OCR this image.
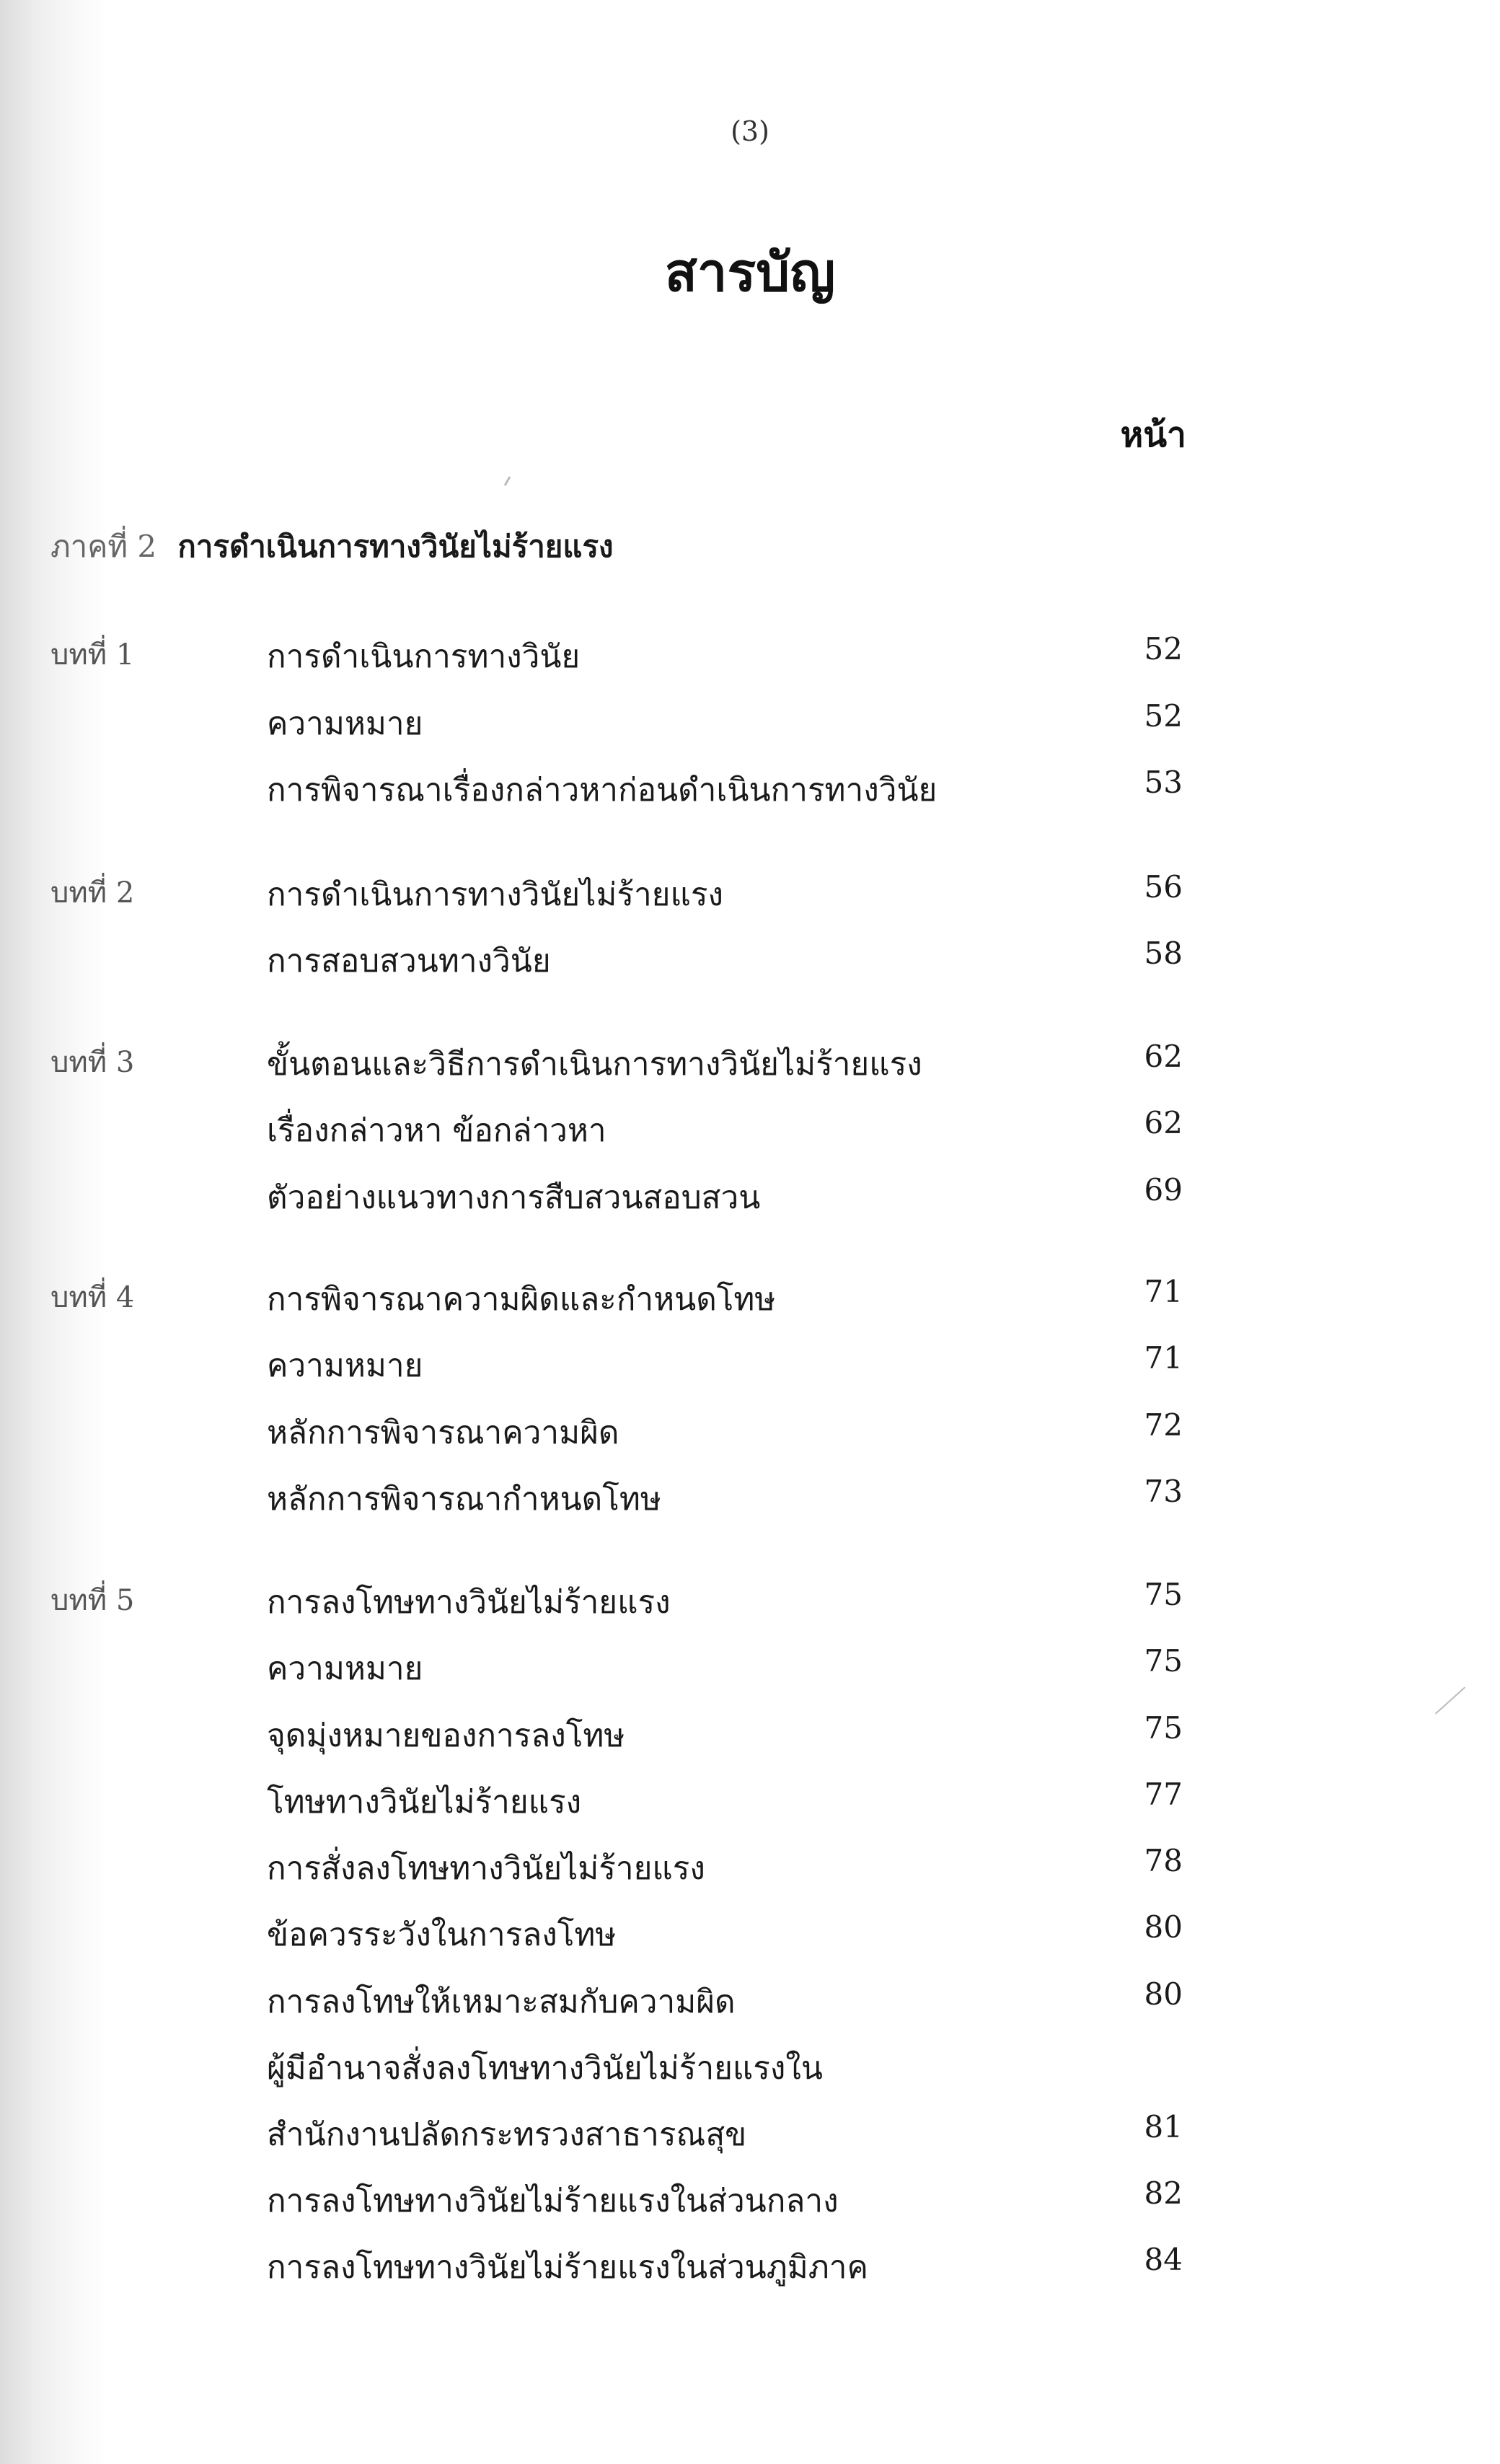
(3)
สารบัญ
หน้า
ภาคที่ 2 การดำเนินการทางวินัยไม่ร้ายแรง
บทที่ 1	การดำเนินการทางวินัย	52
ความหมาย	52
การพิจารณาเรื่องกล่าวหาก่อนดำเนินการทางวินัย	53
บทที่ 2	การดำเนินการทางวินัยไม่ร้ายแรง	56
การสอบสวนทางวินัย	58
บทที่ 3	ขั้นตอนและวิธีการดำเนินการทางวินัยไม่ร้ายแรง	62
เรื่องกล่าวหา ข้อกล่าวหา	62
ตัวอย่างแนวทางการสืบสวนสอบสวน	69
บทที่ 4	การพิจารณาความผิดและกำหนดโทษ	71
ความหมาย	71
หลักการพิจารณาความผิด	72
หลักการพิจารณากำหนดโทษ	73
บทที่ 5	การลงโทษทางวินัยไม่ร้ายแรง	75
ความหมาย	75
จุดมุ่งหมายของการลงโทษ	75
โทษทางวินัยไม่ร้ายแรง	77
การสั่งลงโทษทางวินัยไม่ร้ายแรง	78
ข้อควรระวังในการลงโทษ	80
การลงโทษให้เหมาะสมกับความผิด	80
ผู้มีอำนาจสั่งลงโทษทางวินัยไม่ร้ายแรงใน
สำนักงานปลัดกระทรวงสาธารณสุข	81
การลงโทษทางวินัยไม่ร้ายแรงในส่วนกลาง	82
การลงโทษทางวินัยไม่ร้ายแรงในส่วนภูมิภาค	84
